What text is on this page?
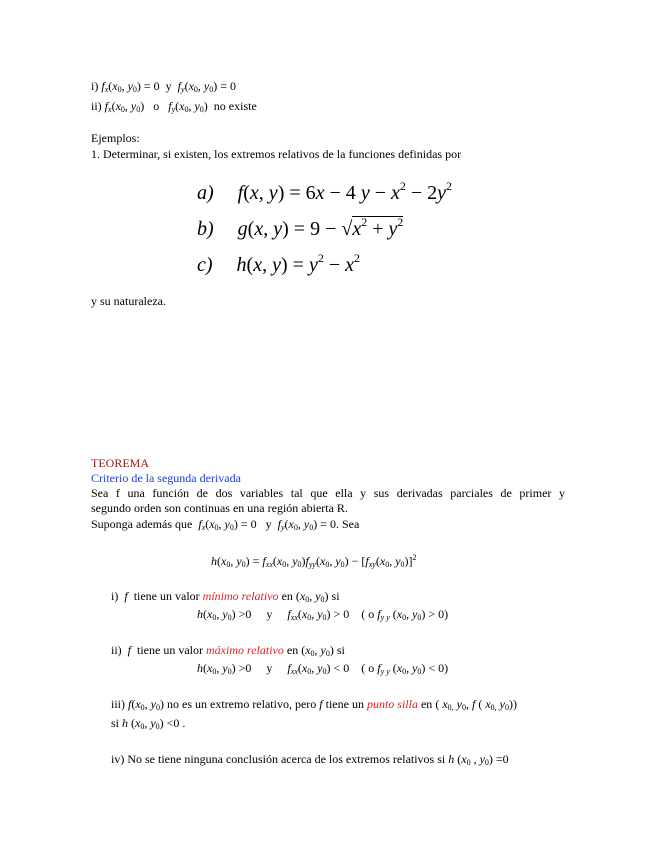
i) $f_x(x_0$, $y_0) = 0$  y $f_y(x_0$, $y_0) = 0$
ii) $f_x(x_0$, $y_0$)   o $f_y(x_0$, $y_0$)  no existe
Ejemplos:
1. Determinar, si existen, los extremos relativos de la funciones definidas por
a) f(x, y) = 6x − 4 $y - x^2 - 2y^2$
b) g(x, $y) = 9 - √x^2 + y^2$
c) h(x, $y) = y^2 - x^2$
y su naturaleza.
TEOREMA
Criterio de la segunda derivada
Sea f una función de dos variables tal que ella y sus derivadas parciales de primer y
segundo orden son continuas en una región abierta R.
Suponga además que $f_x(x_0$, $y_0) = 0$   y $f_y(x_0$, $y_0) = 0$. Sea
$h(x_0$, $y_0) = f_{xx}(x_0$, $y_0)f_{yy}(x_0$, $y_0) - [f_{xy}(x_0$, $y_0)]^2$
i) f tiene un valor mínimo relativo en ($x_0$, $y_0$) si
$h(x_0$, $y_0) >0$     y     $f_{xx}(x_0$, $y_0) > 0$    ( o $f_{y y}$ ($x_0$, $y_0) > 0$)
ii) f tiene un valor máximo relativo en ($x_0$, $y_0$) si
$h(x_0$, $y_0) >0$     y     $f_{xx}(x_0$, $y_0) < 0$    ( o $f_{y y}$ ($x_0$, $y_0) < 0$)
iii) $f(x_0$, $y_0$) no es un extremo relativo, pero f tiene un punto silla en ( $x_{0,}$ $y_0$, f ( $x_{0,}$ $y_0$))
si h ($x_0$, $y_0) <0$ .
iv) No se tiene ninguna conclusión acerca de los extremos relativos si h ($x_0$ , $y_0) =0$
